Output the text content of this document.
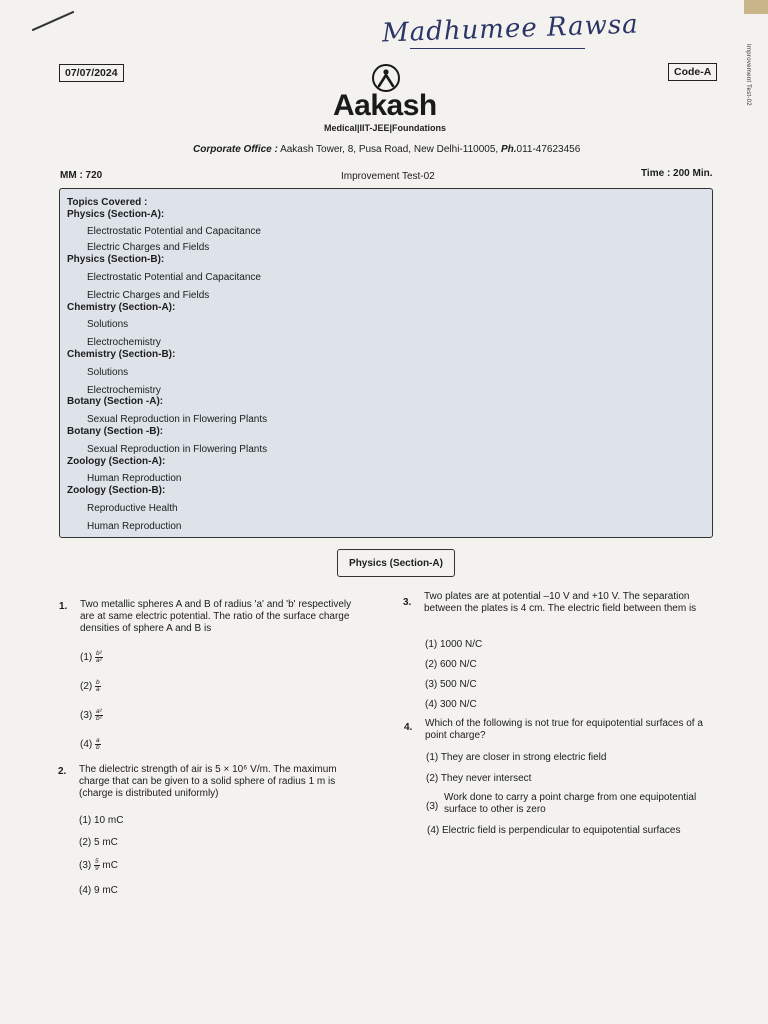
Madhumee Rawsa
Improvement Test-02
07/07/2024	Code-A
Aakash
Medical|IIT-JEE|Foundations
Corporate Office : Aakash Tower, 8, Pusa Road, New Delhi-110005, Ph.011-47623456
MM : 720	Improvement Test-02	Time : 200 Min.
Topics Covered :
Physics (Section-A):
Electrostatic Potential and Capacitance
Electric Charges and Fields
Physics (Section-B):
Electrostatic Potential and Capacitance
Electric Charges and Fields
Chemistry (Section-A):
Solutions
Electrochemistry
Chemistry (Section-B):
Solutions
Electrochemistry
Botany (Section -A):
Sexual Reproduction in Flowering Plants
Botany (Section -B):
Sexual Reproduction in Flowering Plants
Zoology (Section-A):
Human Reproduction
Zoology (Section-B):
Reproductive Health
Human Reproduction
Physics (Section-A)
1. Two metallic spheres A and B of radius 'a' and 'b' respectively are at same electric potential. The ratio of the surface charge densities of sphere A and B is
$(1) \frac{\text{b²}}{\text{a²}}$
$(2) \frac{b}{a}$
$(3) \frac{\text{a²}}{\text{b²}}$
$(4) \frac{a}{b}$
2. The dielectric strength of air is 5 × 10⁶ V/m. The maximum charge that can be given to a solid sphere of radius 1 m is (charge is distributed uniformly)
(1) 10 mC
(2) 5 mC
$(3) \frac{5}{9}$ mC
(4) 9 mC
3.
Two plates are at potential –10 V and +10 V. The separation between the plates is 4 cm. The electric field between them is
(1) 1000 N/C
(2) 600 N/C
(3) 500 N/C
(4) 300 N/C
4. Which of the following is not true for equipotential surfaces of a point charge?
(1) They are closer in strong electric field
(2) They never intersect
(3)
Work done to carry a point charge from one equipotential surface to other is zero
(4) Electric field is perpendicular to equipotential surfaces
